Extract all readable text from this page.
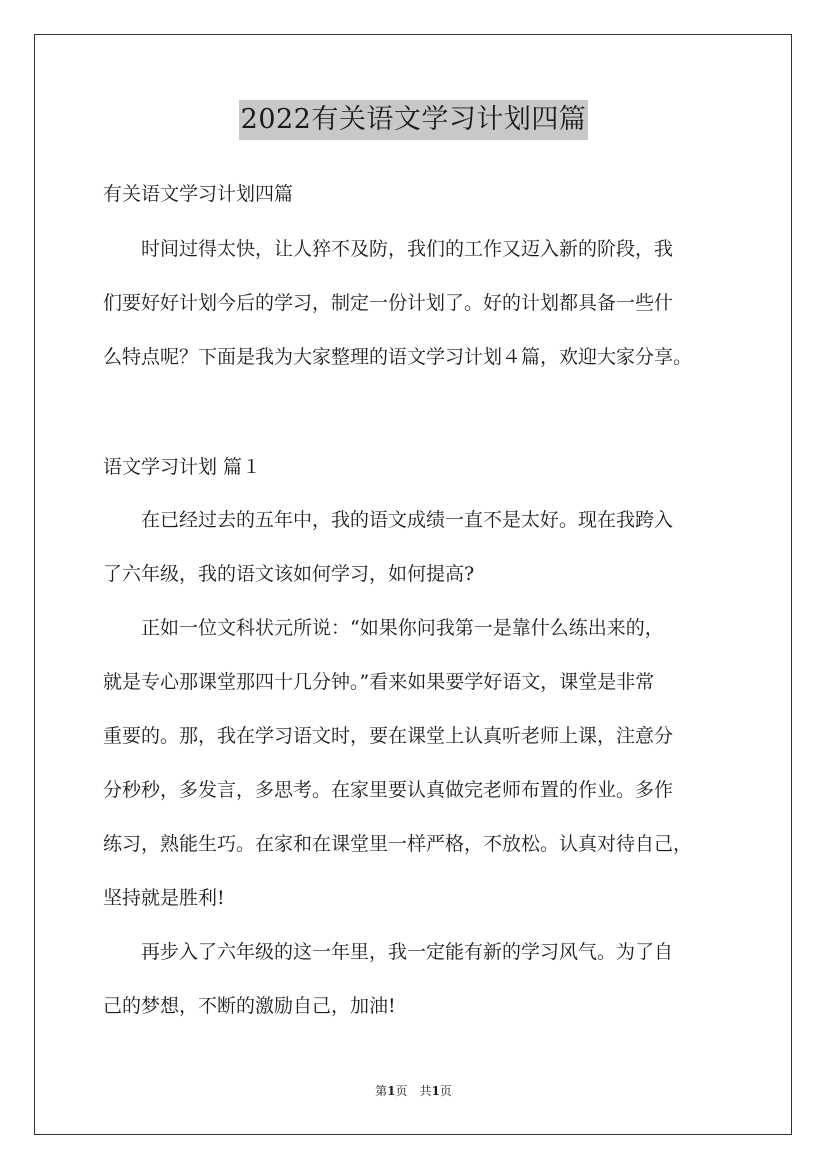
2022有关语文学习计划四篇
有关语文学习计划四篇
　　时间过得太快，让人猝不及防，我们的工作又迈入新的阶段，我
们要好好计划今后的学习，制定一份计划了。好的计划都具备一些什
么特点呢？下面是我为大家整理的语文学习计划４篇，欢迎大家分享。
语文学习计划 篇１
　　在已经过去的五年中，我的语文成绩一直不是太好。现在我跨入
了六年级，我的语文该如何学习，如何提高?
　　正如一位文科状元所说：“如果你问我第一是靠什么练出来的，
就是专心那课堂那四十几分钟。”看来如果要学好语文，课堂是非常
重要的。那，我在学习语文时，要在课堂上认真听老师上课，注意分
分秒秒，多发言，多思考。在家里要认真做完老师布置的作业。多作
练习，熟能生巧。在家和在课堂里一样严格，不放松。认真对待自己，
坚持就是胜利!
　　再步入了六年级的这一年里，我一定能有新的学习风气。为了自
己的梦想，不断的激励自己，加油!
第1页　共1页
